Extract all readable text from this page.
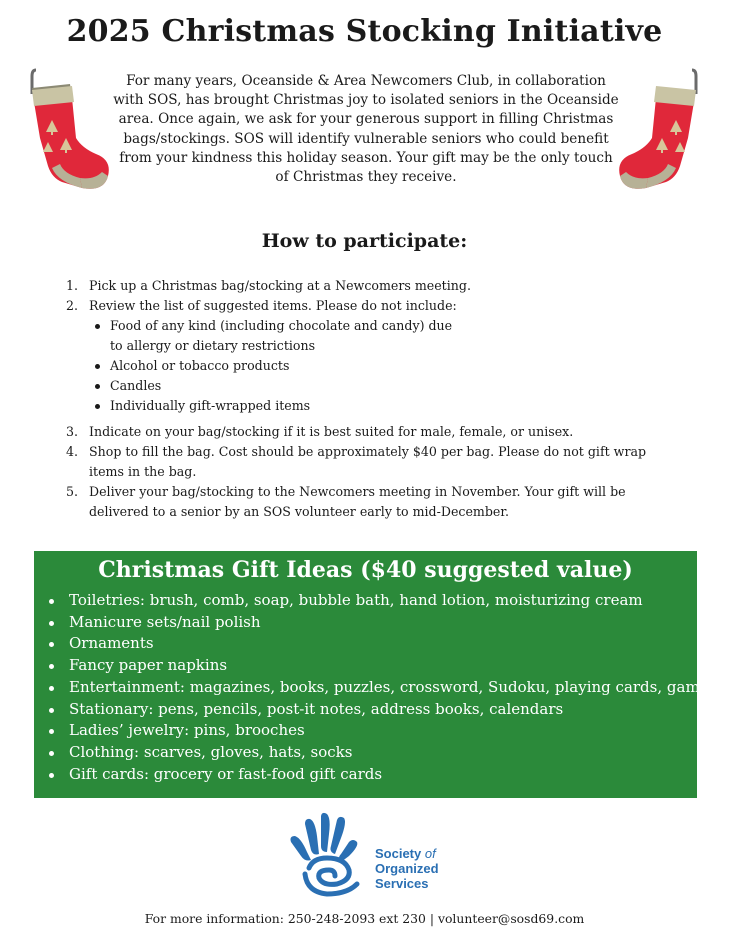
2025 Christmas Stocking Initiative
For many years, Oceanside & Area Newcomers Club, in collaboration with SOS, has brought Christmas joy to isolated seniors in the Oceanside area. Once again, we ask for your generous support in filling Christmas bags/stockings. SOS will identify vulnerable seniors who could benefit from your kindness this holiday season. Your gift may be the only touch of Christmas they receive.
How to participate:
1. Pick up a Christmas bag/stocking at a Newcomers meeting.
2. Review the list of suggested items. Please do not include:
Food of any kind (including chocolate and candy) due to allergy or dietary restrictions
Alcohol or tobacco products
Candles
Individually gift-wrapped items
3. Indicate on your bag/stocking if it is best suited for male, female, or unisex.
4. Shop to fill the bag. Cost should be approximately $40 per bag. Please do not gift wrap items in the bag.
5. Deliver your bag/stocking to the Newcomers meeting in November. Your gift will be delivered to a senior by an SOS volunteer early to mid-December.
Christmas Gift Ideas ($40 suggested value)
Toiletries: brush, comb, soap, bubble bath, hand lotion, moisturizing cream
Manicure sets/nail polish
Ornaments
Fancy paper napkins
Entertainment: magazines, books, puzzles, crossword, Sudoku, playing cards, games
Stationary: pens, pencils, post-it notes, address books, calendars
Ladies’ jewelry: pins, brooches
Clothing: scarves, gloves, hats, socks
Gift cards: grocery or fast-food gift cards
Society of
Organized
Services
For more information: 250-248-2093 ext 230 | volunteer@sosd69.com
